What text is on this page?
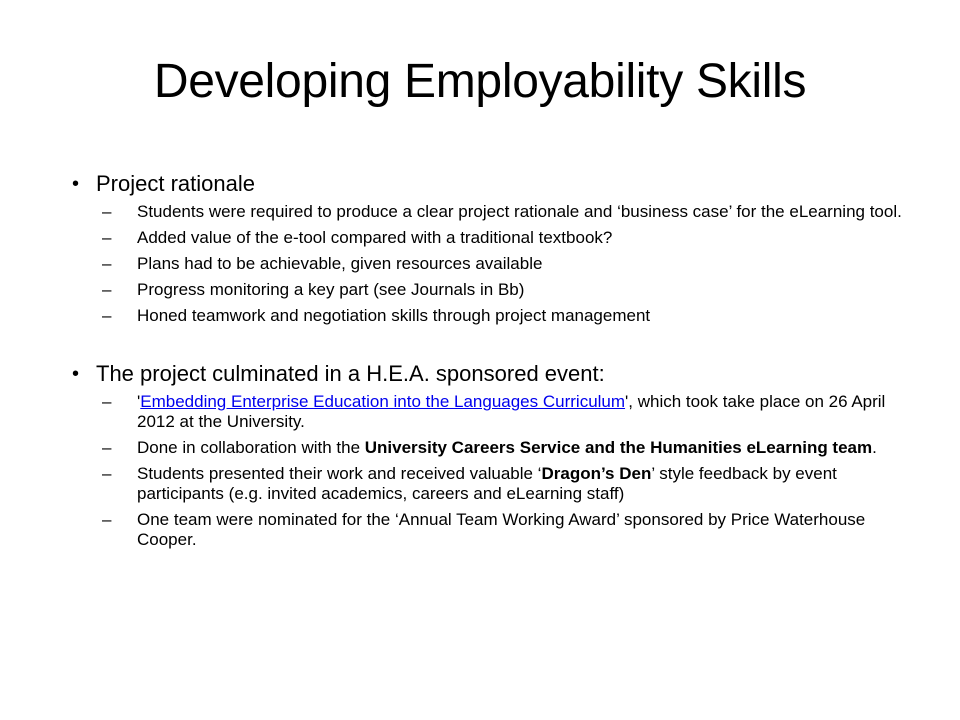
Developing Employability Skills
• Project rationale
– Students were required to produce a clear project rationale and ‘business case’ for the eLearning tool.
– Added value of the e-tool compared with a traditional textbook?
– Plans had to be achievable, given resources available
– Progress monitoring a key part (see Journals in Bb)
– Honed teamwork and negotiation skills through project management
• The project culminated in a H.E.A. sponsored event:
– 'Embedding Enterprise Education into the Languages Curriculum', which took take place on 26 April 2012 at the University.
– Done in collaboration with the University Careers Service and the Humanities eLearning team.
– Students presented their work and received valuable ‘Dragon’s Den’ style feedback by event participants (e.g. invited academics, careers and eLearning staff)
– One team were nominated for the ‘Annual Team Working Award’ sponsored by Price Waterhouse Cooper.
